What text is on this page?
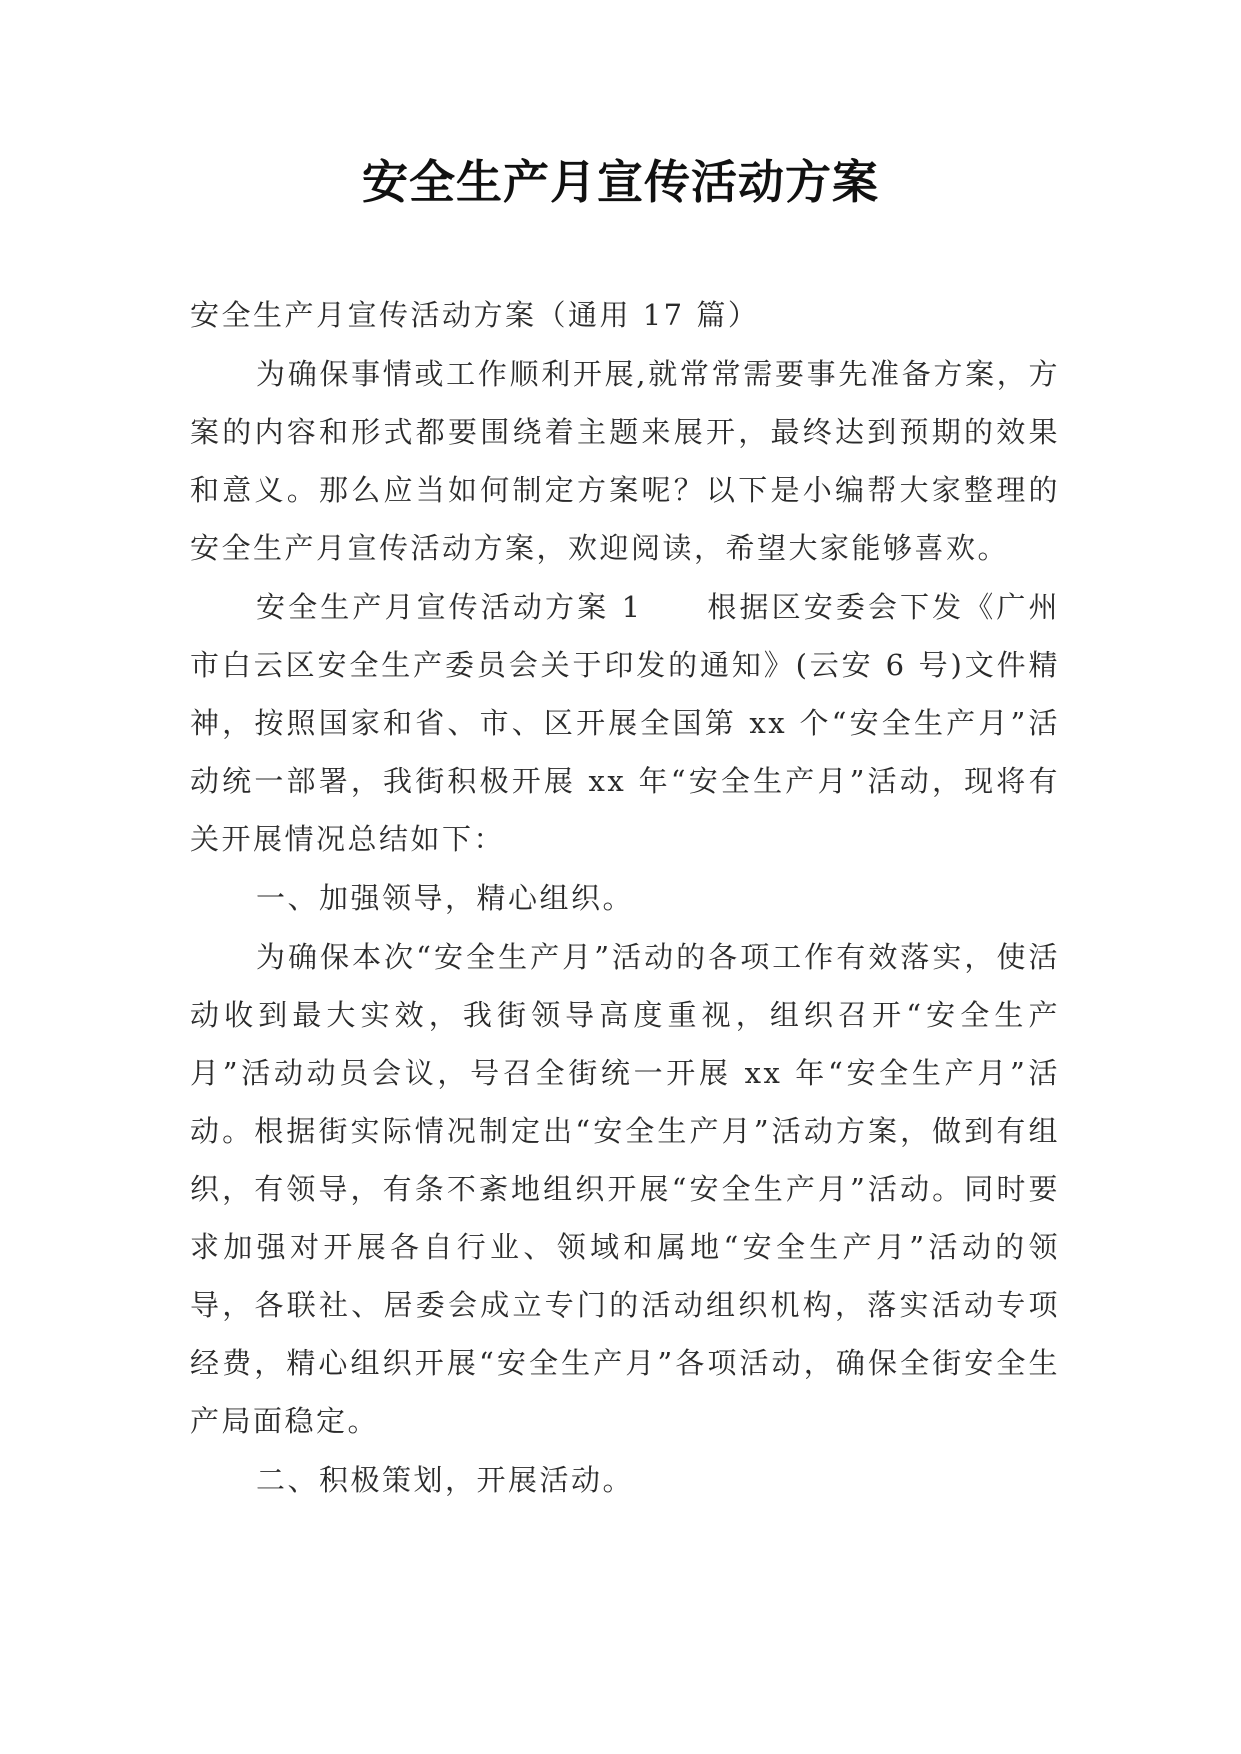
安全生产月宣传活动方案

安全生产月宣传活动方案（通用 17 篇）

为确保事情或工作顺利开展,就常常需要事先准备方案，方案的内容和形式都要围绕着主题来展开，最终达到预期的效果和意义。那么应当如何制定方案呢？以下是小编帮大家整理的安全生产月宣传活动方案，欢迎阅读，希望大家能够喜欢。

安全生产月宣传活动方案 1　　根据区安委会下发《广州市白云区安全生产委员会关于印发的通知》(云安 6 号)文件精神，按照国家和省、市、区开展全国第 xx 个“安全生产月”活动统一部署，我街积极开展 xx 年“安全生产月”活动，现将有关开展情况总结如下：

一、加强领导，精心组织。

为确保本次“安全生产月”活动的各项工作有效落实，使活动收到最大实效，我街领导高度重视，组织召开“安全生产月”活动动员会议，号召全街统一开展 xx 年“安全生产月”活动。根据街实际情况制定出“安全生产月”活动方案，做到有组织，有领导，有条不紊地组织开展“安全生产月”活动。同时要求加强对开展各自行业、领域和属地“安全生产月”活动的领导，各联社、居委会成立专门的活动组织机构，落实活动专项经费，精心组织开展“安全生产月”各项活动，确保全街安全生产局面稳定。

二、积极策划，开展活动。
